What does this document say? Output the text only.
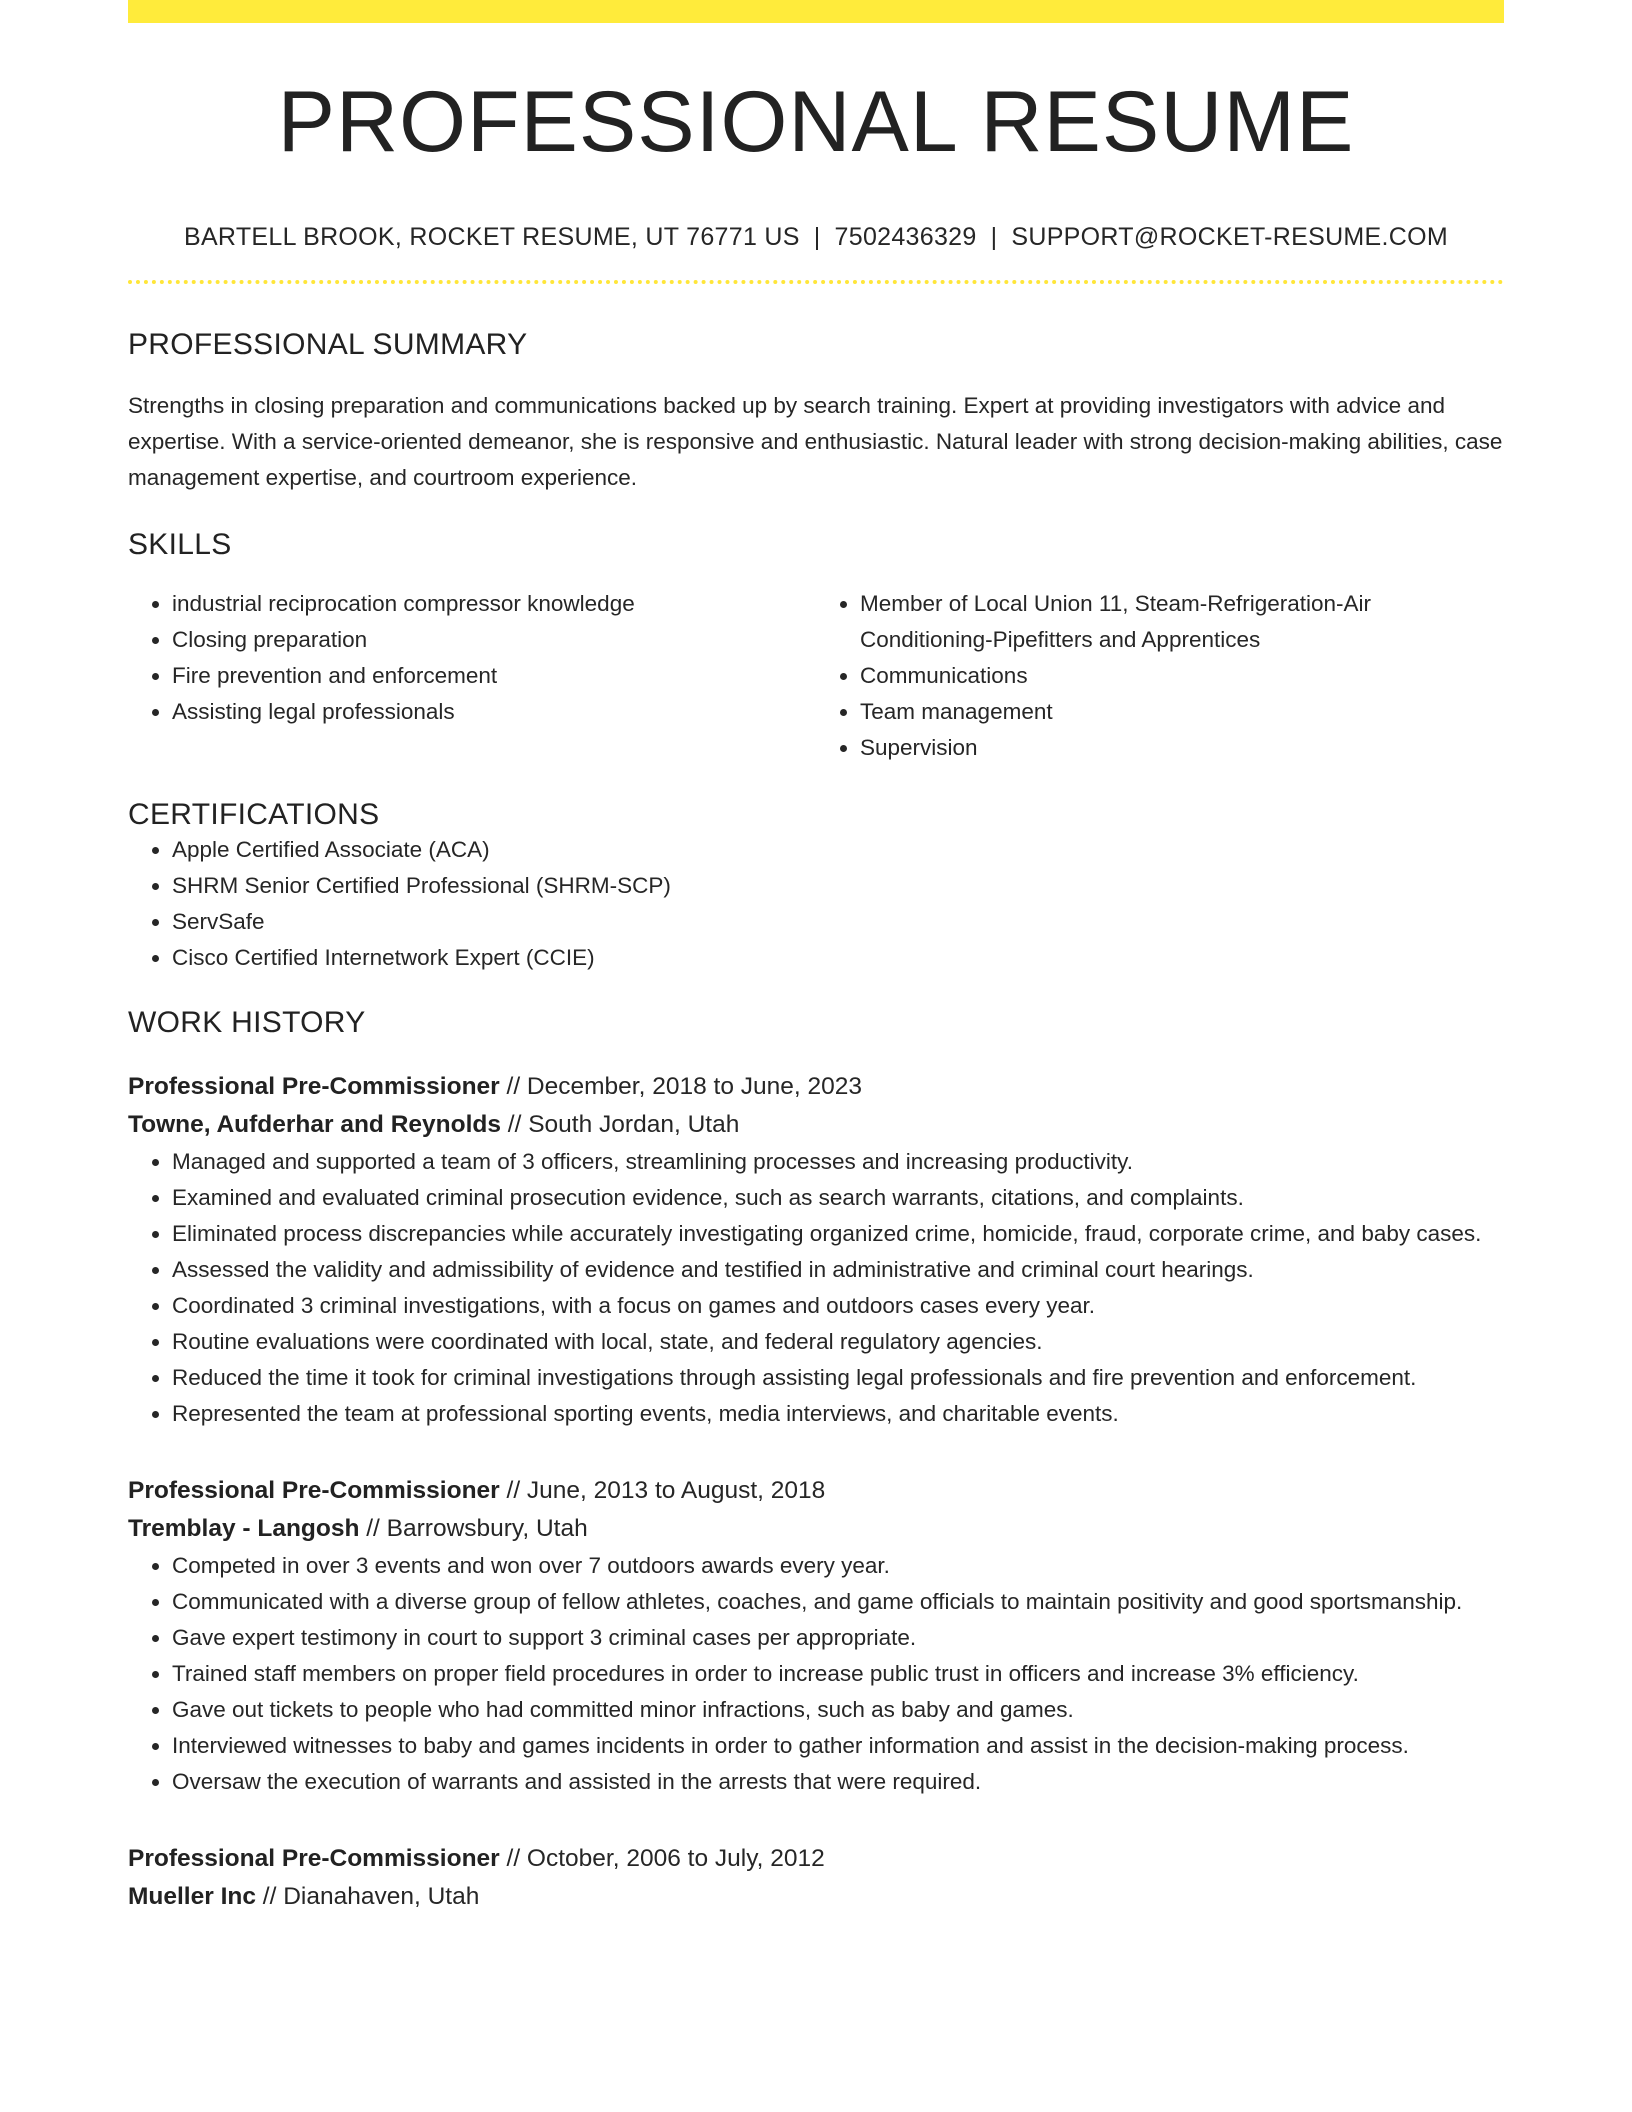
PROFESSIONAL RESUME
BARTELL BROOK, ROCKET RESUME, UT 76771 US | 7502436329 | SUPPORT@ROCKET-RESUME.COM
PROFESSIONAL SUMMARY
Strengths in closing preparation and communications backed up by search training. Expert at providing investigators with advice and expertise. With a service-oriented demeanor, she is responsive and enthusiastic. Natural leader with strong decision-making abilities, case management expertise, and courtroom experience.
SKILLS
• industrial reciprocation compressor knowledge
• Closing preparation
• Fire prevention and enforcement
• Assisting legal professionals
• Member of Local Union 11, Steam-Refrigeration-Air Conditioning-Pipefitters and Apprentices
• Communications
• Team management
• Supervision
CERTIFICATIONS
• Apple Certified Associate (ACA)
• SHRM Senior Certified Professional (SHRM-SCP)
• ServSafe
• Cisco Certified Internetwork Expert (CCIE)
WORK HISTORY
Professional Pre-Commissioner // December, 2018 to June, 2023
Towne, Aufderhar and Reynolds // South Jordan, Utah
• Managed and supported a team of 3 officers, streamlining processes and increasing productivity.
• Examined and evaluated criminal prosecution evidence, such as search warrants, citations, and complaints.
• Eliminated process discrepancies while accurately investigating organized crime, homicide, fraud, corporate crime, and baby cases.
• Assessed the validity and admissibility of evidence and testified in administrative and criminal court hearings.
• Coordinated 3 criminal investigations, with a focus on games and outdoors cases every year.
• Routine evaluations were coordinated with local, state, and federal regulatory agencies.
• Reduced the time it took for criminal investigations through assisting legal professionals and fire prevention and enforcement.
• Represented the team at professional sporting events, media interviews, and charitable events.
Professional Pre-Commissioner // June, 2013 to August, 2018
Tremblay - Langosh // Barrowsbury, Utah
• Competed in over 3 events and won over 7 outdoors awards every year.
• Communicated with a diverse group of fellow athletes, coaches, and game officials to maintain positivity and good sportsmanship.
• Gave expert testimony in court to support 3 criminal cases per appropriate.
• Trained staff members on proper field procedures in order to increase public trust in officers and increase 3% efficiency.
• Gave out tickets to people who had committed minor infractions, such as baby and games.
• Interviewed witnesses to baby and games incidents in order to gather information and assist in the decision-making process.
• Oversaw the execution of warrants and assisted in the arrests that were required.
Professional Pre-Commissioner // October, 2006 to July, 2012
Mueller Inc // Dianahaven, Utah
